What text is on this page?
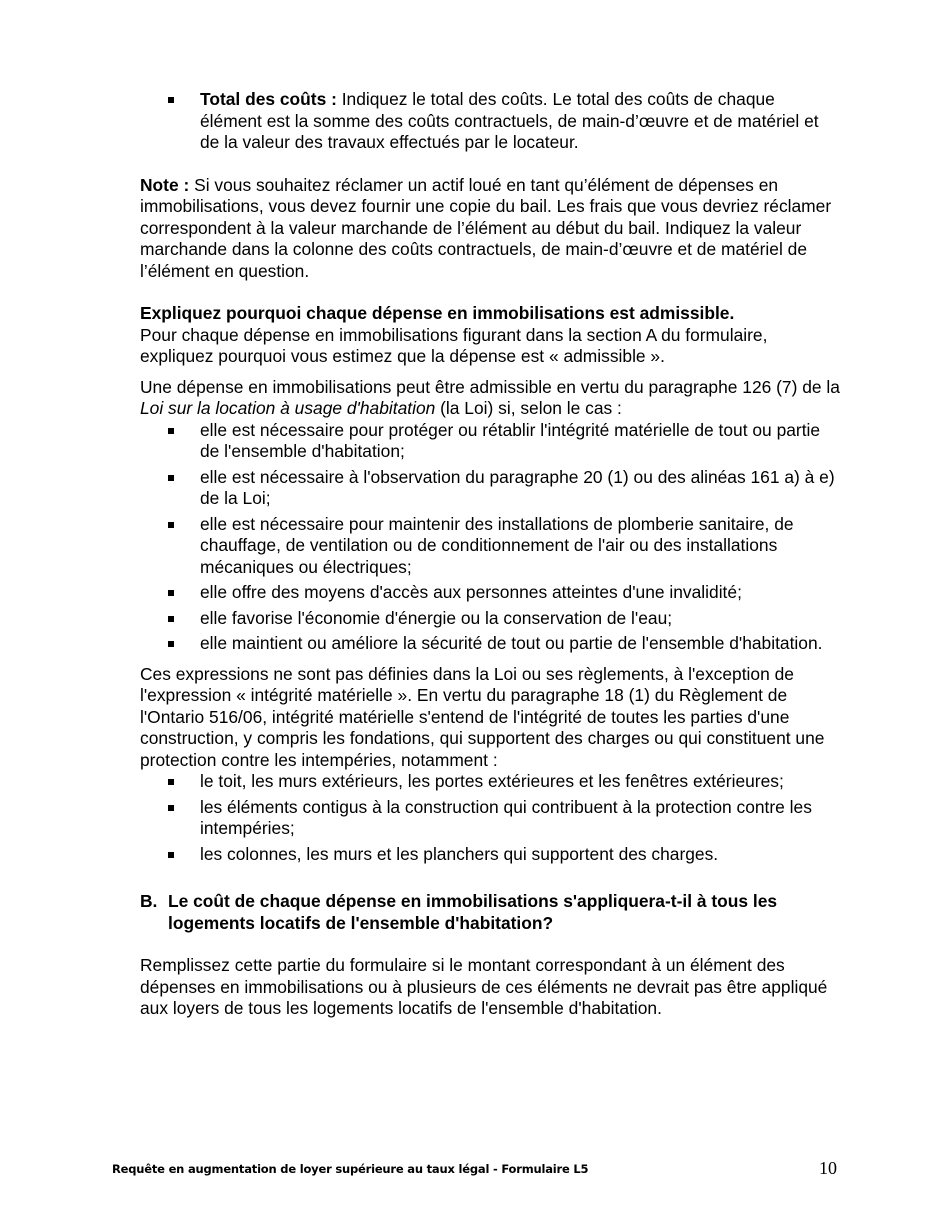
Total des coûts : Indiquez le total des coûts. Le total des coûts de chaque élément est la somme des coûts contractuels, de main-d’œuvre et de matériel et de la valeur des travaux effectués par le locateur.

Note : Si vous souhaitez réclamer un actif loué en tant qu’élément de dépenses en immobilisations, vous devez fournir une copie du bail. Les frais que vous devriez réclamer correspondent à la valeur marchande de l’élément au début du bail. Indiquez la valeur marchande dans la colonne des coûts contractuels, de main-d’œuvre et de matériel de l’élément en question.

Expliquez pourquoi chaque dépense en immobilisations est admissible.

Pour chaque dépense en immobilisations figurant dans la section A du formulaire, expliquez pourquoi vous estimez que la dépense est « admissible ».

Une dépense en immobilisations peut être admissible en vertu du paragraphe 126 (7) de la Loi sur la location à usage d'habitation (la Loi) si, selon le cas :

elle est nécessaire pour protéger ou rétablir l'intégrité matérielle de tout ou partie de l'ensemble d'habitation;
elle est nécessaire à l'observation du paragraphe 20 (1) ou des alinéas 161 a) à e) de la Loi;
elle est nécessaire pour maintenir des installations de plomberie sanitaire, de chauffage, de ventilation ou de conditionnement de l'air ou des installations mécaniques ou électriques;
elle offre des moyens d'accès aux personnes atteintes d'une invalidité;
elle favorise l'économie d'énergie ou la conservation de l'eau;
elle maintient ou améliore la sécurité de tout ou partie de l'ensemble d'habitation.

Ces expressions ne sont pas définies dans la Loi ou ses règlements, à l'exception de l'expression « intégrité matérielle ». En vertu du paragraphe 18 (1) du Règlement de l'Ontario 516/06, intégrité matérielle s'entend de l'intégrité de toutes les parties d'une construction, y compris les fondations, qui supportent des charges ou qui constituent une protection contre les intempéries, notamment :

le toit, les murs extérieurs, les portes extérieures et les fenêtres extérieures;
les éléments contigus à la construction qui contribuent à la protection contre les intempéries;
les colonnes, les murs et les planchers qui supportent des charges.
B. Le coût de chaque dépense en immobilisations s'appliquera-t-il à tous les logements locatifs de l'ensemble d'habitation?

Remplissez cette partie du formulaire si le montant correspondant à un élément des dépenses en immobilisations ou à plusieurs de ces éléments ne devrait pas être appliqué aux loyers de tous les logements locatifs de l'ensemble d'habitation.

Requête en augmentation de loyer supérieure au taux légal - Formulaire L5	10
